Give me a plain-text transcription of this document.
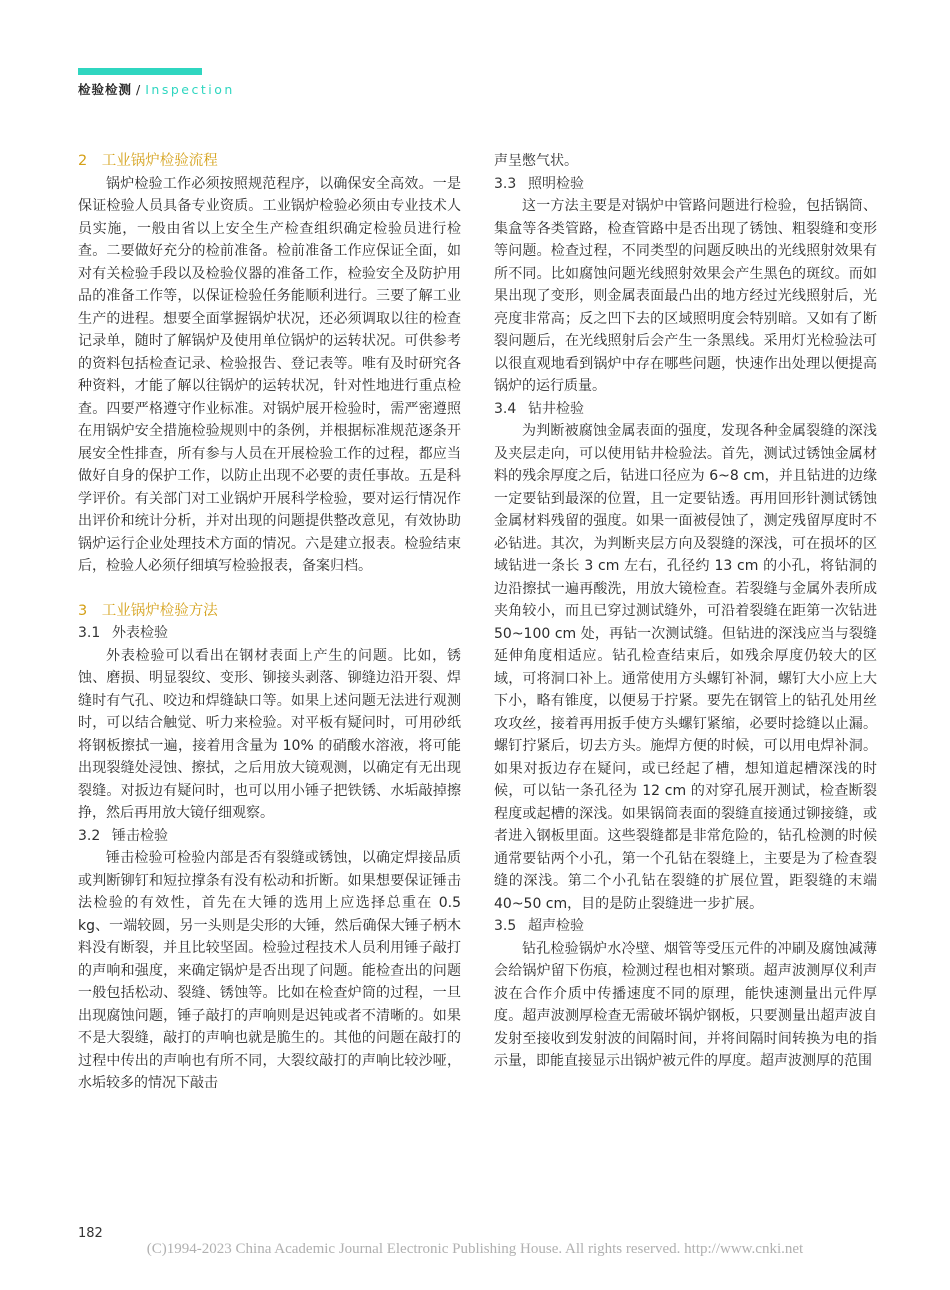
检验检测 / Inspection
2　工业锅炉检验流程

锅炉检验工作必须按照规范程序，以确保安全高效。一是保证检验人员具备专业资质。工业锅炉检验必须由专业技术人员实施，一般由省以上安全生产检查组织确定检验员进行检查。二要做好充分的检前准备。检前准备工作应保证全面，如对有关检验手段以及检验仪器的准备工作，检验安全及防护用品的准备工作等，以保证检验任务能顺利进行。三要了解工业生产的进程。想要全面掌握锅炉状况，还必须调取以往的检查记录单，随时了解锅炉及使用单位锅炉的运转状况。可供参考的资料包括检查记录、检验报告、登记表等。唯有及时研究各种资料，才能了解以往锅炉的运转状况，针对性地进行重点检查。四要严格遵守作业标准。对锅炉展开检验时，需严密遵照在用锅炉安全措施检验规则中的条例，并根据标准规范逐条开展安全性排查，所有参与人员在开展检验工作的过程，都应当做好自身的保护工作，以防止出现不必要的责任事故。五是科学评价。有关部门对工业锅炉开展科学检验，要对运行情况作出评价和统计分析，并对出现的问题提供整改意见，有效协助锅炉运行企业处理技术方面的情况。六是建立报表。检验结束后，检验人必须仔细填写检验报表，备案归档。

3　工业锅炉检验方法
3.1 外表检验

外表检验可以看出在钢材表面上产生的问题。比如，锈蚀、磨损、明显裂纹、变形、铆接头剥落、铆缝边沿开裂、焊缝时有气孔、咬边和焊缝缺口等。如果上述问题无法进行观测时，可以结合触觉、听力来检验。对平板有疑问时，可用砂纸将钢板擦拭一遍，接着用含量为 10% 的硝酸水溶液，将可能出现裂缝处浸蚀、擦拭，之后用放大镜观测，以确定有无出现裂缝。对扳边有疑问时，也可以用小锤子把铁锈、水垢敲掉擦挣，然后再用放大镜仔细观察。

3.2 锤击检验

锤击检验可检验内部是否有裂缝或锈蚀，以确定焊接品质或判断铆钉和短拉撑条有没有松动和折断。如果想要保证锤击法检验的有效性，首先在大锤的选用上应选择总重在 0.5 kg、一端较圆，另一头则是尖形的大锤，然后确保大锤子柄木料没有断裂，并且比较坚固。检验过程技术人员利用锤子敲打的声响和强度，来确定锅炉是否出现了问题。能检查出的问题一般包括松动、裂缝、锈蚀等。比如在检查炉筒的过程，一旦出现腐蚀问题，锤子敲打的声响则是迟钝或者不清晰的。如果不是大裂缝，敲打的声响也就是脆生的。其他的问题在敲打的过程中传出的声响也有所不同，大裂纹敲打的声响比较沙哑，水垢较多的情况下敲击

声呈憋气状。

3.3 照明检验

这一方法主要是对锅炉中管路问题进行检验，包括锅筒、集盒等各类管路，检查管路中是否出现了锈蚀、粗裂缝和变形等问题。检查过程，不同类型的问题反映出的光线照射效果有所不同。比如腐蚀问题光线照射效果会产生黑色的斑纹。而如果出现了变形，则金属表面最凸出的地方经过光线照射后，光亮度非常高；反之凹下去的区域照明度会特别暗。又如有了断裂问题后，在光线照射后会产生一条黑线。采用灯光检验法可以很直观地看到锅炉中存在哪些问题，快速作出处理以便提高锅炉的运行质量。

3.4 钻井检验

为判断被腐蚀金属表面的强度，发现各种金属裂缝的深浅及夹层走向，可以使用钻井检验法。首先，测试过锈蚀金属材料的残余厚度之后，钻进口径应为 6~8 cm，并且钻进的边缘一定要钻到最深的位置，且一定要钻透。再用回形针测试锈蚀金属材料残留的强度。如果一面被侵蚀了，测定残留厚度时不必钻进。其次，为判断夹层方向及裂缝的深浅，可在损坏的区域钻进一条长 3 cm 左右，孔径约 13 cm 的小孔，将钻洞的边沿擦拭一遍再酸洗，用放大镜检查。若裂缝与金属外表所成夹角较小，而且已穿过测试缝外，可沿着裂缝在距第一次钻进 50~100 cm 处，再钻一次测试缝。但钻进的深浅应当与裂缝延伸角度相适应。钻孔检查结束后，如残余厚度仍较大的区域，可将洞口补上。通常使用方头螺钉补洞，螺钉大小应上大下小，略有锥度，以便易于拧紧。要先在钢管上的钻孔处用丝攻攻丝，接着再用扳手使方头螺钉紧缩，必要时捻缝以止漏。螺钉拧紧后，切去方头。施焊方便的时候，可以用电焊补洞。如果对扳边存在疑问，或已经起了槽，想知道起槽深浅的时候，可以钻一条孔径为 12 cm 的对穿孔展开测试，检查断裂程度或起槽的深浅。如果锅筒表面的裂缝直接通过铆接缝，或者进入钢板里面。这些裂缝都是非常危险的，钻孔检测的时候通常要钻两个小孔，第一个孔钻在裂缝上，主要是为了检查裂缝的深浅。第二个小孔钻在裂缝的扩展位置，距裂缝的末端 40~50 cm，目的是防止裂缝进一步扩展。

3.5 超声检验

钻孔检验锅炉水冷壁、烟管等受压元件的冲刷及腐蚀减薄会给锅炉留下伤痕，检测过程也相对繁琐。超声波测厚仪利声波在合作介质中传播速度不同的原理，能快速测量出元件厚度。超声波测厚检查无需破坏锅炉钢板，只要测量出超声波自发射至接收到发射波的间隔时间，并将间隔时间转换为电的指示量，即能直接显示出锅炉被元件的厚度。超声波测厚的范围

182
(C)1994-2023 China Academic Journal Electronic Publishing House. All rights reserved. http://www.cnki.net
